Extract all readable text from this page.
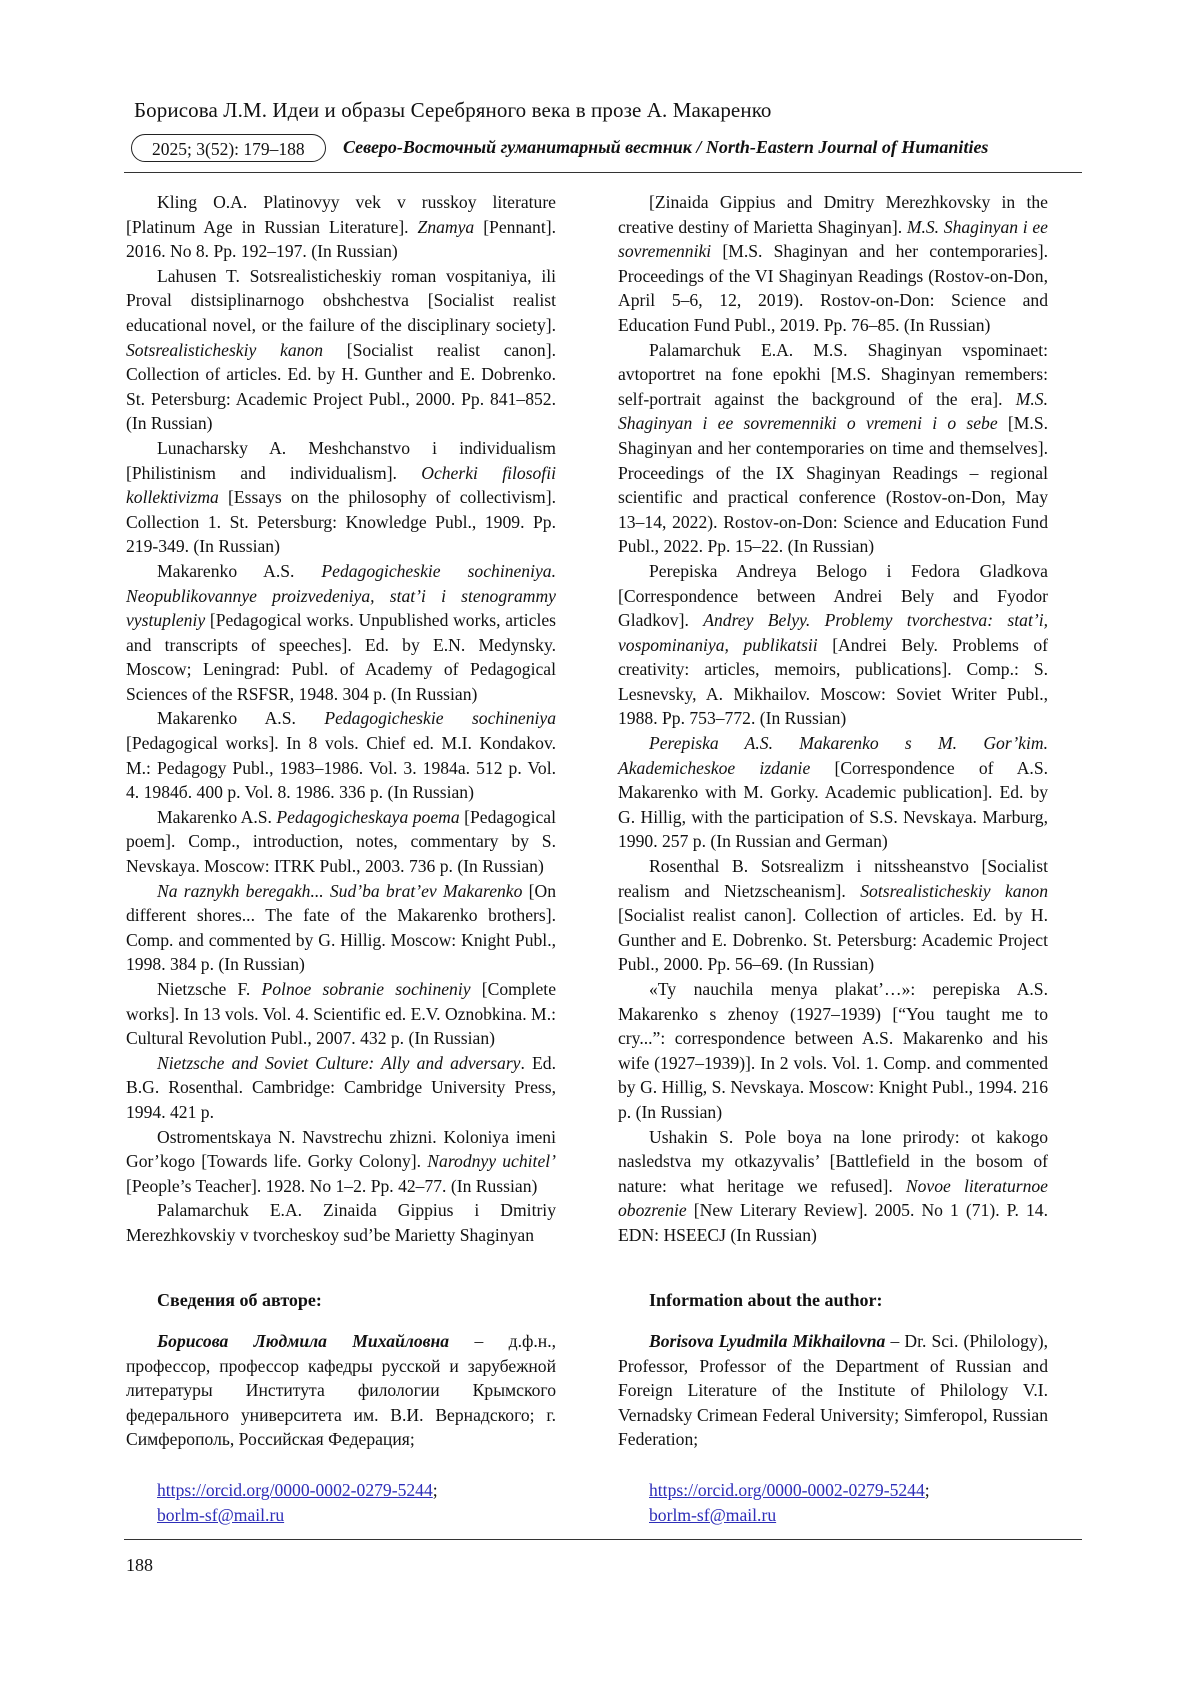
Борисова Л.М. Идеи и образы Серебряного века в прозе А. Макаренко
2025; 3(52): 179–188	Северо-Восточный гуманитарный вестник / North-Eastern Journal of Humanities

Kling O.A. Platinovyy vek v russkoy literature [Platinum Age in Russian Literature]. Znamya [Pennant]. 2016. No 8. Pp. 192–197. (In Russian)

Lahusen T. Sotsrealisticheskiy roman vospitaniya, ili Proval distsiplinarnogo obshchestva [Socialist realist educational novel, or the failure of the disciplinary society]. Sotsrealisticheskiy kanon [Socialist realist canon]. Collection of articles. Ed. by H. Gunther and E. Dobrenko. St. Petersburg: Academic Project Publ., 2000. Pp. 841–852. (In Russian)

Lunacharsky A. Meshchanstvo i individualism [Philistinism and individualism]. Ocherki filosofii kollektivizma [Essays on the philosophy of collectivism]. Collection 1. St. Petersburg: Knowledge Publ., 1909. Pp. 219-349. (In Russian)

Makarenko A.S. Pedagogicheskie sochineniya. Neopublikovannye proizvedeniya, stat’i i stenogrammy vystupleniy [Pedagogical works. Unpublished works, articles and transcripts of speeches]. Ed. by E.N. Medynsky. Moscow; Leningrad: Publ. of Academy of Pedagogical Sciences of the RSFSR, 1948. 304 p. (In Russian)

Makarenko A.S. Pedagogicheskie sochineniya [Pedagogical works]. In 8 vols. Chief ed. M.I. Kondakov. M.: Pedagogy Publ., 1983–1986. Vol. 3. 1984a. 512 p. Vol. 4. 1984б. 400 p. Vol. 8. 1986. 336 p. (In Russian)

Makarenko A.S. Pedagogicheskaya poema [Pedagogical poem]. Comp., introduction, notes, commentary by S. Nevskaya. Moscow: ITRK Publ., 2003. 736 p. (In Russian)

Na raznykh beregakh... Sud’ba brat’ev Makarenko [On different shores... The fate of the Makarenko brothers]. Comp. and commented by G. Hillig. Moscow: Knight Publ., 1998. 384 p. (In Russian)

Nietzsche F. Polnoe sobranie sochineniy [Complete works]. In 13 vols. Vol. 4. Scientific ed. E.V. Oznobkina. M.: Cultural Revolution Publ., 2007. 432 p. (In Russian)

Nietzsche and Soviet Culture: Ally and adversary. Ed. B.G. Rosenthal. Cambridge: Cambridge University Press, 1994. 421 p.

Ostromentskaya N. Navstrechu zhizni. Koloniya imeni Gor’kogo [Towards life. Gorky Colony]. Narodnyy uchitel’ [People’s Teacher]. 1928. No 1–2. Pp. 42–77. (In Russian)

Palamarchuk E.A. Zinaida Gippius i Dmitriy Merezhkovskiy v tvorcheskoy sud’be Marietty Shaginyan

[Zinaida Gippius and Dmitry Merezhkovsky in the creative destiny of Marietta Shaginyan]. M.S. Shaginyan i ee sovremenniki [M.S. Shaginyan and her contemporaries]. Proceedings of the VI Shaginyan Readings (Rostov-on-Don, April 5–6, 12, 2019). Rostov-on-Don: Science and Education Fund Publ., 2019. Pp. 76–85. (In Russian)

Palamarchuk E.A. M.S. Shaginyan vspominaet: avtoportret na fone epokhi [M.S. Shaginyan remembers: self-portrait against the background of the era]. M.S. Shaginyan i ee sovremenniki o vremeni i o sebe [M.S. Shaginyan and her contemporaries on time and themselves]. Proceedings of the IX Shaginyan Readings – regional scientific and practical conference (Rostov-on-Don, May 13–14, 2022). Rostov-on-Don: Science and Education Fund Publ., 2022. Pp. 15–22. (In Russian)

Perepiska Andreya Belogo i Fedora Gladkova [Correspondence between Andrei Bely and Fyodor Gladkov]. Andrey Belyy. Problemy tvorchestva: stat’i, vospominaniya, publikatsii [Andrei Bely. Problems of creativity: articles, memoirs, publications]. Comp.: S. Lesnevsky, A. Mikhailov. Moscow: Soviet Writer Publ., 1988. Pp. 753–772. (In Russian)

Perepiska A.S. Makarenko s M. Gor’kim. Akademicheskoe izdanie [Correspondence of A.S. Makarenko with M. Gorky. Academic publication]. Ed. by G. Hillig, with the participation of S.S. Nevskaya. Marburg, 1990. 257 p. (In Russian and German)

Rosenthal B. Sotsrealizm i nitssheanstvo [Socialist realism and Nietzscheanism]. Sotsrealisticheskiy kanon [Socialist realist canon]. Collection of articles. Ed. by H. Gunther and E. Dobrenko. St. Petersburg: Academic Project Publ., 2000. Pp. 56–69. (In Russian)

«Ty nauchila menya plakat’…»: perepiska A.S. Makarenko s zhenoy (1927–1939) [“You taught me to cry...”: correspondence between A.S. Makarenko and his wife (1927–1939)]. In 2 vols. Vol. 1. Comp. and commented by G. Hillig, S. Nevskaya. Moscow: Knight Publ., 1994. 216 p. (In Russian)

Ushakin S. Pole boya na lone prirody: ot kakogo nasledstva my otkazyvalis’ [Battlefield in the bosom of nature: what heritage we refused]. Novoe literaturnoe obozrenie [New Literary Review]. 2005. No 1 (71). P. 14. EDN: HSEECJ (In Russian)

Сведения об авторе:

Борисова Людмила Михайловна – д.ф.н., профессор, профессор кафедры русской и зарубежной литературы Института филологии Крымского федерального университета им. В.И. Вернадского; г. Симферополь, Российская Федерация;

https://orcid.org/0000-0002-0279-5244;
borlm-sf@mail.ru

Information about the author:

Borisova Lyudmila Mikhailovna – Dr. Sci. (Philology), Professor, Professor of the Department of Russian and Foreign Literature of the Institute of Philology V.I. Vernadsky Crimean Federal University; Simferopol, Russian Federation;

https://orcid.org/0000-0002-0279-5244;
borlm-sf@mail.ru
188
